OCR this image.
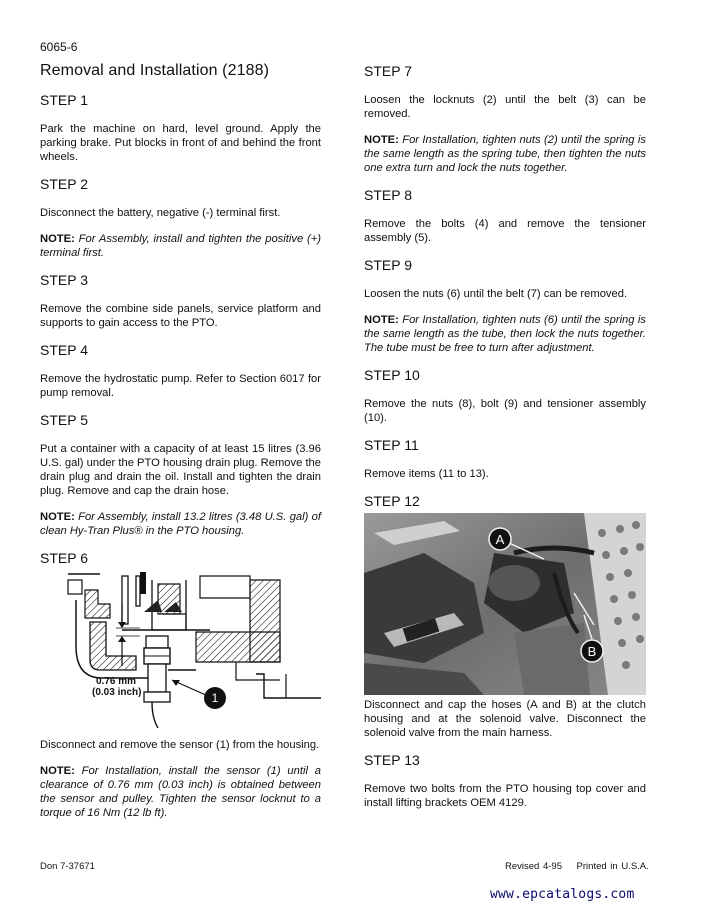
6065-6
Removal and Installation (2188)
STEP 1

Park the machine on hard, level ground. Apply the parking brake. Put blocks in front of and behind the front wheels.

STEP 2

Disconnect the battery, negative (-) terminal first.

NOTE: For Assembly, install and tighten the positive (+) terminal first.

STEP 3

Remove the combine side panels, service platform and supports to gain access to the PTO.

STEP 4

Remove the hydrostatic pump. Refer to Section 6017 for pump removal.

STEP 5

Put a container with a capacity of at least 15 litres (3.96 U.S. gal) under the PTO housing drain plug. Remove the drain plug and drain the oil. Install and tighten the drain plug. Remove and cap the drain hose.

NOTE: For Assembly, install 13.2 litres (3.48 U.S. gal) of clean Hy-Tran Plus® in the PTO housing.

STEP 6
0.76 mm
(0.03 inch)	1

Disconnect and remove the sensor (1) from the housing.

NOTE: For Installation, install the sensor (1) until a clearance of 0.76 mm (0.03 inch) is obtained between the sensor and pulley. Tighten the sensor locknut to a torque of 16 Nm (12 lb ft).

STEP 7

Loosen the locknuts (2) until the belt (3) can be removed.

NOTE: For Installation, tighten nuts (2) until the spring is the same length as the spring tube, then tighten the nuts one extra turn and lock the nuts together.

STEP 8

Remove the bolts (4) and remove the tensioner assembly (5).

STEP 9

Loosen the nuts (6) until the belt (7) can be removed.

NOTE: For Installation, tighten nuts (6) until the spring is the same length as the tube, then lock the nuts together. The tube must be free to turn after adjustment.

STEP 10

Remove the nuts (8), bolt (9) and tensioner assembly (10).

STEP 11

Remove items (11 to 13).

STEP 12
A
B

Disconnect and cap the hoses (A and B) at the clutch housing and at the solenoid valve. Disconnect the solenoid valve from the main harness.

STEP 13

Remove two bolts from the PTO housing top cover and install lifting brackets OEM 4129.

Don 7-37671	Revised 4-95 Printed in U.S.A.
www.epcatalogs.com
